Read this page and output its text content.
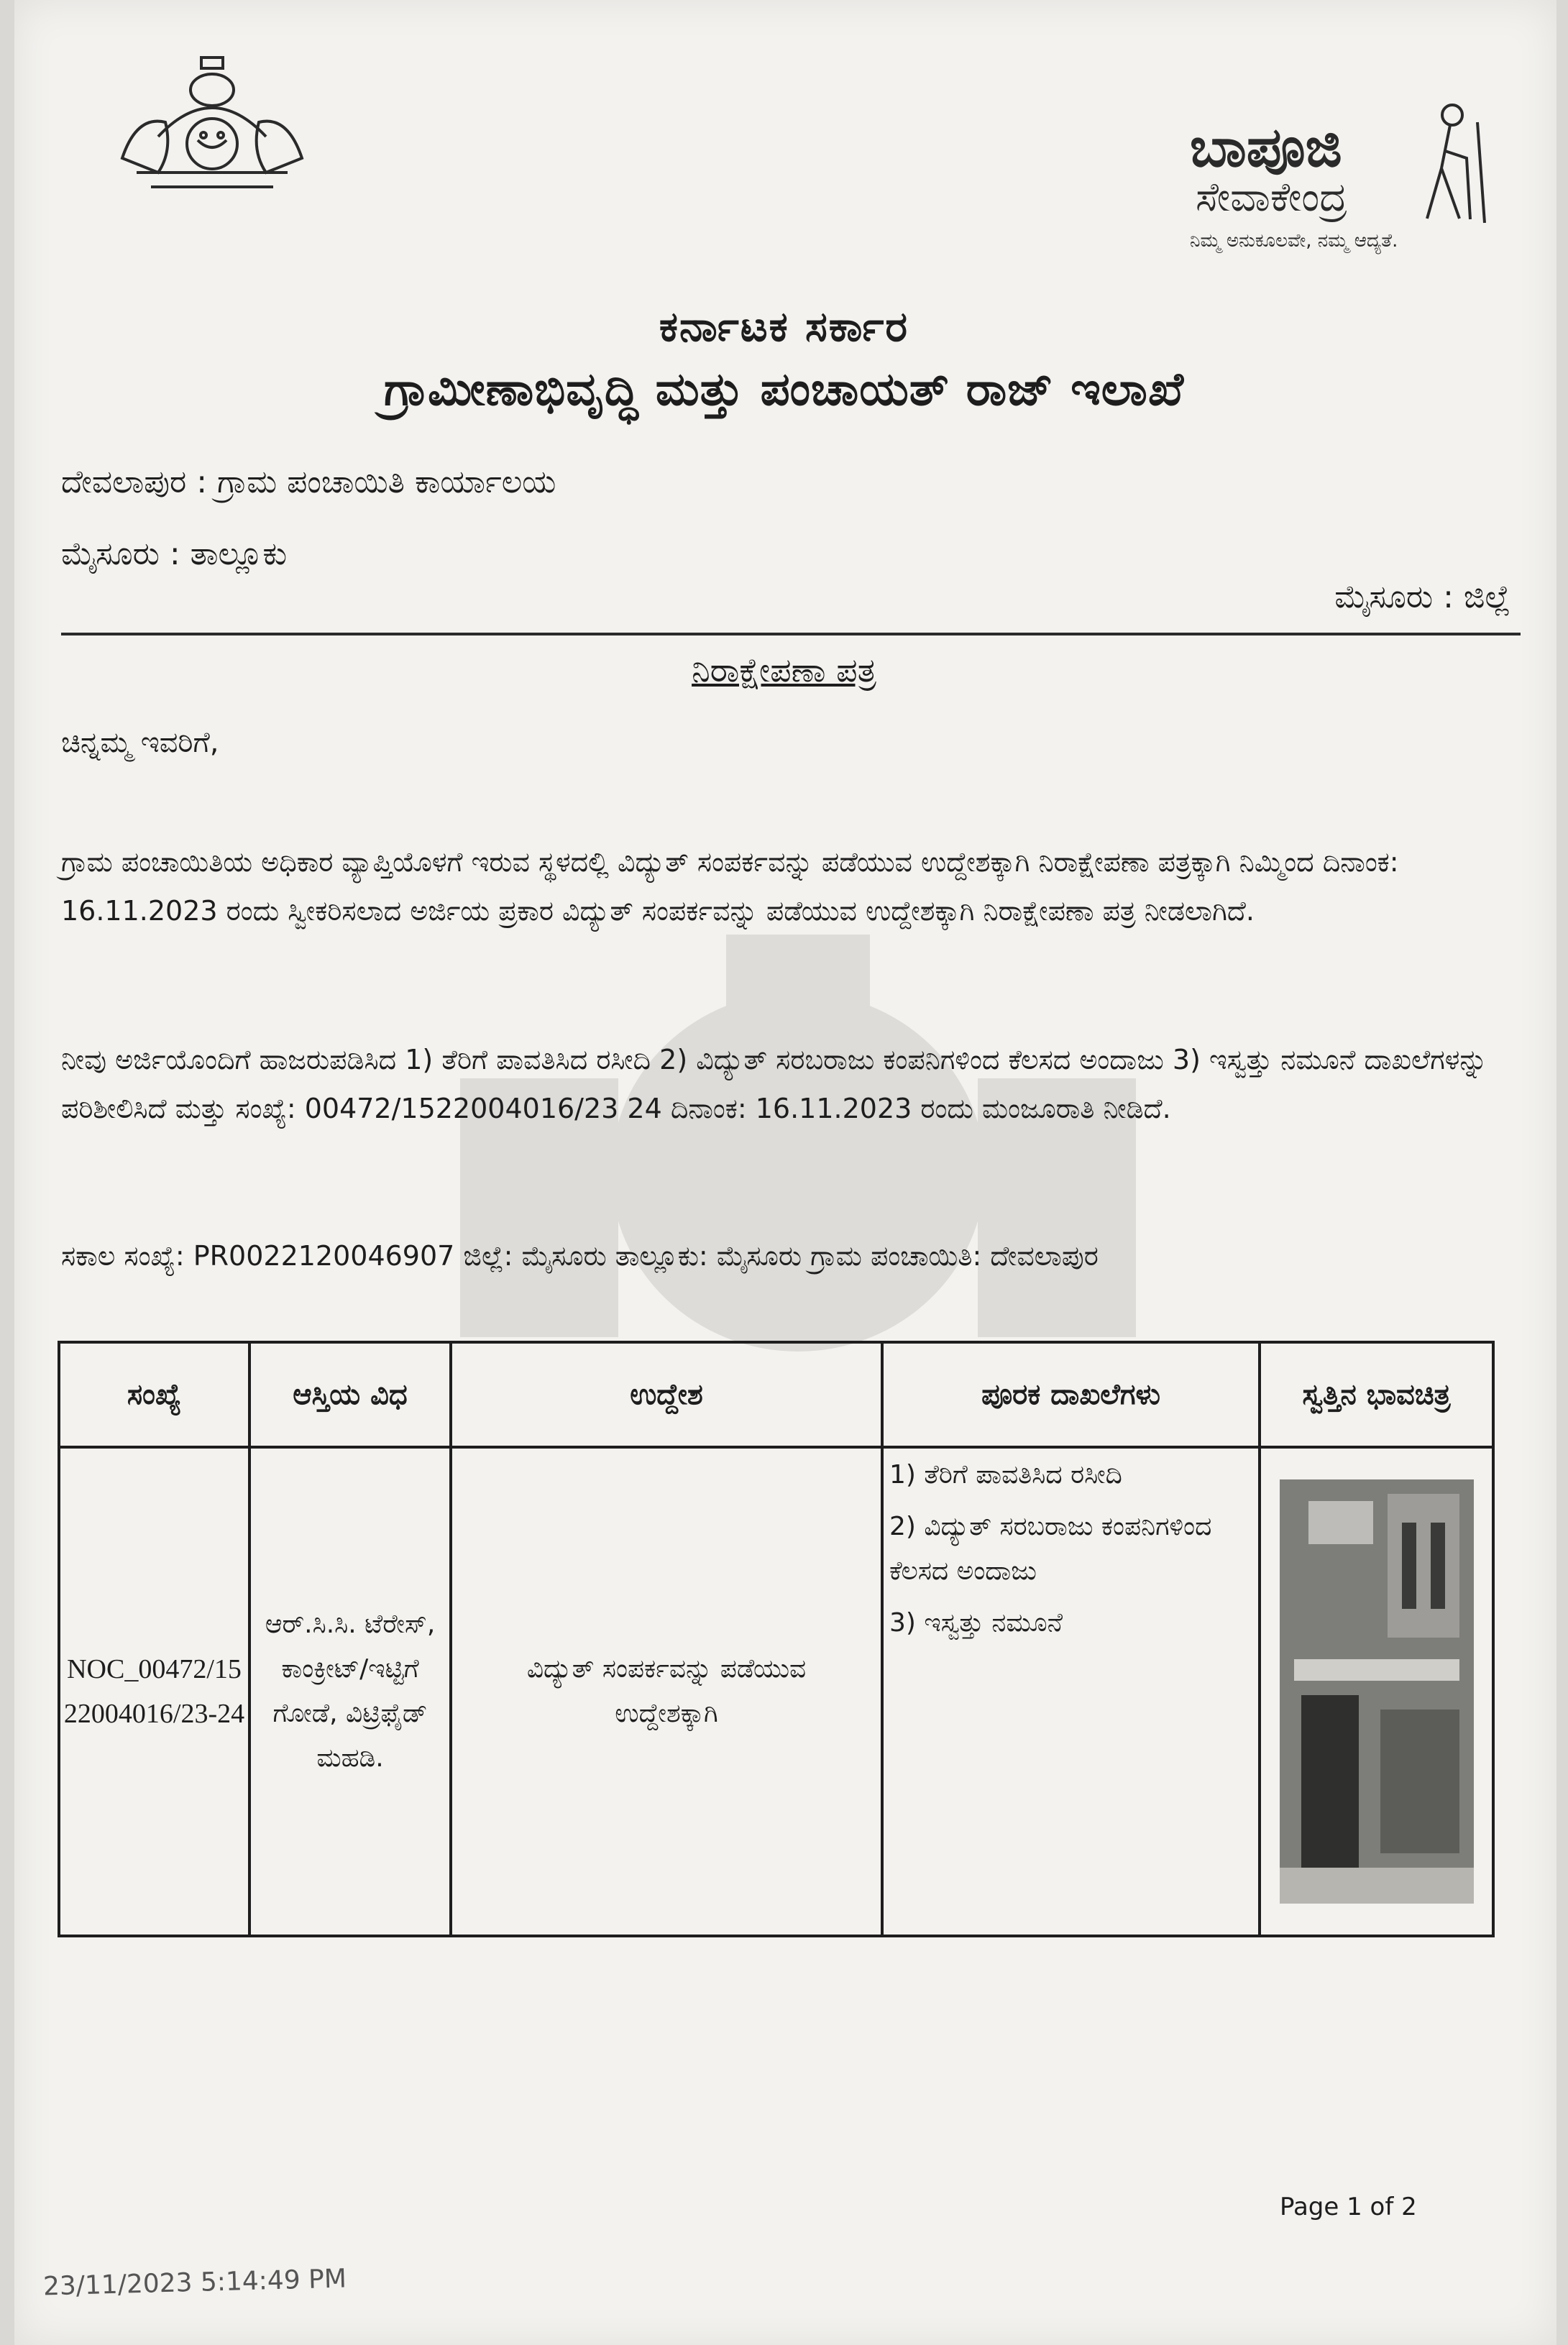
ಬಾಪೂಜಿ
ಸೇವಾಕೇಂದ್ರ
ನಿಮ್ಮ ಅನುಕೂಲವೇ, ನಮ್ಮ ಆದ್ಯತೆ.
ಕರ್ನಾಟಕ ಸರ್ಕಾರ
ಗ್ರಾಮೀಣಾಭಿವೃದ್ಧಿ ಮತ್ತು ಪಂಚಾಯತ್ ರಾಜ್ ಇಲಾಖೆ
ದೇವಲಾಪುರ : ಗ್ರಾಮ ಪಂಚಾಯಿತಿ ಕಾರ್ಯಾಲಯ
ಮೈಸೂರು : ತಾಲ್ಲೂಕು
ಮೈಸೂರು : ಜಿಲ್ಲೆ
ನಿರಾಕ್ಷೇಪಣಾ ಪತ್ರ
ಚಿನ್ನಮ್ಮ ಇವರಿಗೆ,
ಗ್ರಾಮ ಪಂಚಾಯಿತಿಯ ಅಧಿಕಾರ ವ್ಯಾಪ್ತಿಯೊಳಗೆ ಇರುವ ಸ್ಥಳದಲ್ಲಿ ವಿದ್ಯುತ್ ಸಂಪರ್ಕವನ್ನು ಪಡೆಯುವ ಉದ್ದೇಶಕ್ಕಾಗಿ ನಿರಾಕ್ಷೇಪಣಾ ಪತ್ರಕ್ಕಾಗಿ ನಿಮ್ಮಿಂದ ದಿನಾಂಕ: 16.11.2023 ರಂದು ಸ್ವೀಕರಿಸಲಾದ ಅರ್ಜಿಯ ಪ್ರಕಾರ ವಿದ್ಯುತ್ ಸಂಪರ್ಕವನ್ನು ಪಡೆಯುವ ಉದ್ದೇಶಕ್ಕಾಗಿ ನಿರಾಕ್ಷೇಪಣಾ ಪತ್ರ ನೀಡಲಾಗಿದೆ.
ನೀವು ಅರ್ಜಿಯೊಂದಿಗೆ ಹಾಜರುಪಡಿಸಿದ 1) ತೆರಿಗೆ ಪಾವತಿಸಿದ ರಸೀದಿ 2) ವಿದ್ಯುತ್ ಸರಬರಾಜು ಕಂಪನಿಗಳಿಂದ ಕೆಲಸದ ಅಂದಾಜು 3) ಇಸ್ವತ್ತು ನಮೂನೆ ದಾಖಲೆಗಳನ್ನು ಪರಿಶೀಲಿಸಿದೆ ಮತ್ತು ಸಂಖ್ಯೆ: 00472/1522004016/23 24 ದಿನಾಂಕ: 16.11.2023 ರಂದು ಮಂಜೂರಾತಿ ನೀಡಿದೆ.
ಸಕಾಲ ಸಂಖ್ಯೆ: PR0022120046907 ಜಿಲ್ಲೆ: ಮೈಸೂರು ತಾಲ್ಲೂಕು: ಮೈಸೂರು ಗ್ರಾಮ ಪಂಚಾಯಿತಿ: ದೇವಲಾಪುರ
ಸಂಖ್ಯೆ	ಆಸ್ತಿಯ ವಿಧ	ಉದ್ದೇಶ	ಪೂರಕ ದಾಖಲೆಗಳು	ಸ್ವತ್ತಿನ ಭಾವಚಿತ್ರ
NOC_00472/1522004016/23-24	ಆರ್.ಸಿ.ಸಿ. ಟೆರೇಸ್, ಕಾಂಕ್ರೀಟ್/ಇಟ್ಟಿಗೆ ಗೋಡೆ, ವಿಟ್ರಿಫೈಡ್ ಮಹಡಿ.	ವಿದ್ಯುತ್ ಸಂಪರ್ಕವನ್ನು ಪಡೆಯುವ ಉದ್ದೇಶಕ್ಕಾಗಿ	1) ತೆರಿಗೆ ಪಾವತಿಸಿದ ರಸೀದಿ
2) ವಿದ್ಯುತ್ ಸರಬರಾಜು ಕಂಪನಿಗಳಿಂದ ಕೆಲಸದ ಅಂದಾಜು
3) ಇಸ್ವತ್ತು ನಮೂನೆ

Page 1 of 2
23/11/2023 5:14:49 PM
